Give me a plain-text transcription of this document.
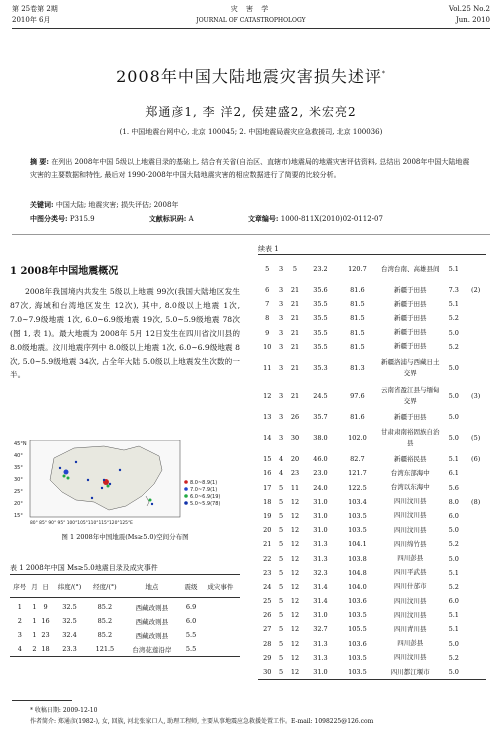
第 25卷第 2期
2010年 6月
灾 害 学
JOURNAL OF CATASTROPHOLOGY
Vol.25 No.2
Jun. 2010
2008年中国大陆地震灾害损失述评*
郑通彦1, 李 洋2, 侯建盛2, 米宏亮2
(1. 中国地震台网中心, 北京 100045; 2. 中国地震局震灾应急救援司, 北京 100036)
摘 要: 在列出 2008年中国 5级以上地震目录的基础上, 结合有关省(自治区、直辖市)地震局的地震灾害评估资料, 总结出 2008年中国大陆地震灾害的主要数据和特性, 最后对 1990-2008年中国大陆地震灾害的相应数据进行了简要的比较分析。
关键词: 中国大陆; 地震灾害; 损失评估; 2008年
中图分类号: P315.9	文献标识码: A	文章编号: 1000-811X(2010)02-0112-07
1 2008年中国地震概况
2008年我国境内共发生 5级以上地震 99次(我国大陆地区发生 87次, 海域和台湾地区发生 12次), 其中, 8.0级以上地震 1次, 7.0~7.9级地震 1次, 6.0~6.9级地震 19次, 5.0~5.9级地震 78次(图 1, 表 1)。最大地震为 2008年 5月 12日发生在四川省汶川县的 8.0级地震。汶川地震序列中 8.0级以上地震 1次, 6.0~6.9级地震 8次, 5.0~5.9级地震 34次, 占全年大陆 5.0级以上地震发生次数的一半。
45°N
40°
35°
30°
25°
20°
15°
80° 85° 90° 95° 100°105°110°115°120°125°E
8.0~8.9(1)
7.0~7.9(1)
6.0~6.9(19)
5.0~5.9(78)
图 1 2008年中国地震(Ms≥5.0)空间分布图
表 1 2008年中国 Ms≥5.0地震目录及成灾事件
序号	月	日	纬度/(°)	经度/(°)	地点	震级	成灾事件
1	1	9	32.5	85.2	西藏改则县	6.9	
2	1	16	32.5	85.2	西藏改则县	6.0	
3	1	23	32.4	85.2	西藏改则县	5.5	
4	2	18	23.3	121.5	台湾花莲沿岸	5.5	
续表 1
5	3	5	23.2	120.7	台湾台南、高雄县间	5.1	
6	3	21	35.6	81.6	新疆于田县	7.3	(2)
7	3	21	35.5	81.5	新疆于田县	5.1	
8	3	21	35.5	81.5	新疆于田县	5.2	
9	3	21	35.5	81.5	新疆于田县	5.0	
10	3	21	35.5	81.5	新疆于田县	5.2	
11	3	21	35.3	81.3	新疆洛浦与西藏日土交界	5.0	
12	3	21	24.5	97.6	云南省盈江县与缅甸交界	5.0	(3)
13	3	26	35.7	81.6	新疆于田县	5.0	
14	3	30	38.0	102.0	甘肃肃南裕固族自治县	5.0	(5)
15	4	20	46.0	82.7	新疆裕民县	5.1	(6)
16	4	23	23.0	121.7	台湾东部海中	6.1	
17	5	11	24.0	122.5	台湾以东海中	5.6	
18	5	12	31.0	103.4	四川汶川县	8.0	(8)
19	5	12	31.0	103.5	四川汶川县	6.0	
20	5	12	31.0	103.5	四川汶川县	5.0	
21	5	12	31.3	104.1	四川绵竹县	5.2	
22	5	12	31.3	103.8	四川彭县	5.0	
23	5	12	32.3	104.8	四川平武县	5.1	
24	5	12	31.4	104.0	四川什邡市	5.2	
25	5	12	31.4	103.6	四川汶川县	6.0	
26	5	12	31.0	103.5	四川汶川县	5.1	
27	5	12	32.7	105.5	四川青川县	5.1	
28	5	12	31.3	103.6	四川彭县	5.0	
29	5	12	31.3	103.5	四川汶川县	5.2	
30	5	12	31.0	103.5	四川都江堰市	5.0	
* 收稿日期: 2009-12-10
作者简介: 郑通彦(1982-), 女, 回族, 河北张家口人, 助理工程师, 主要从事地震应急救援处置工作。E-mail: 1098225@126.com
